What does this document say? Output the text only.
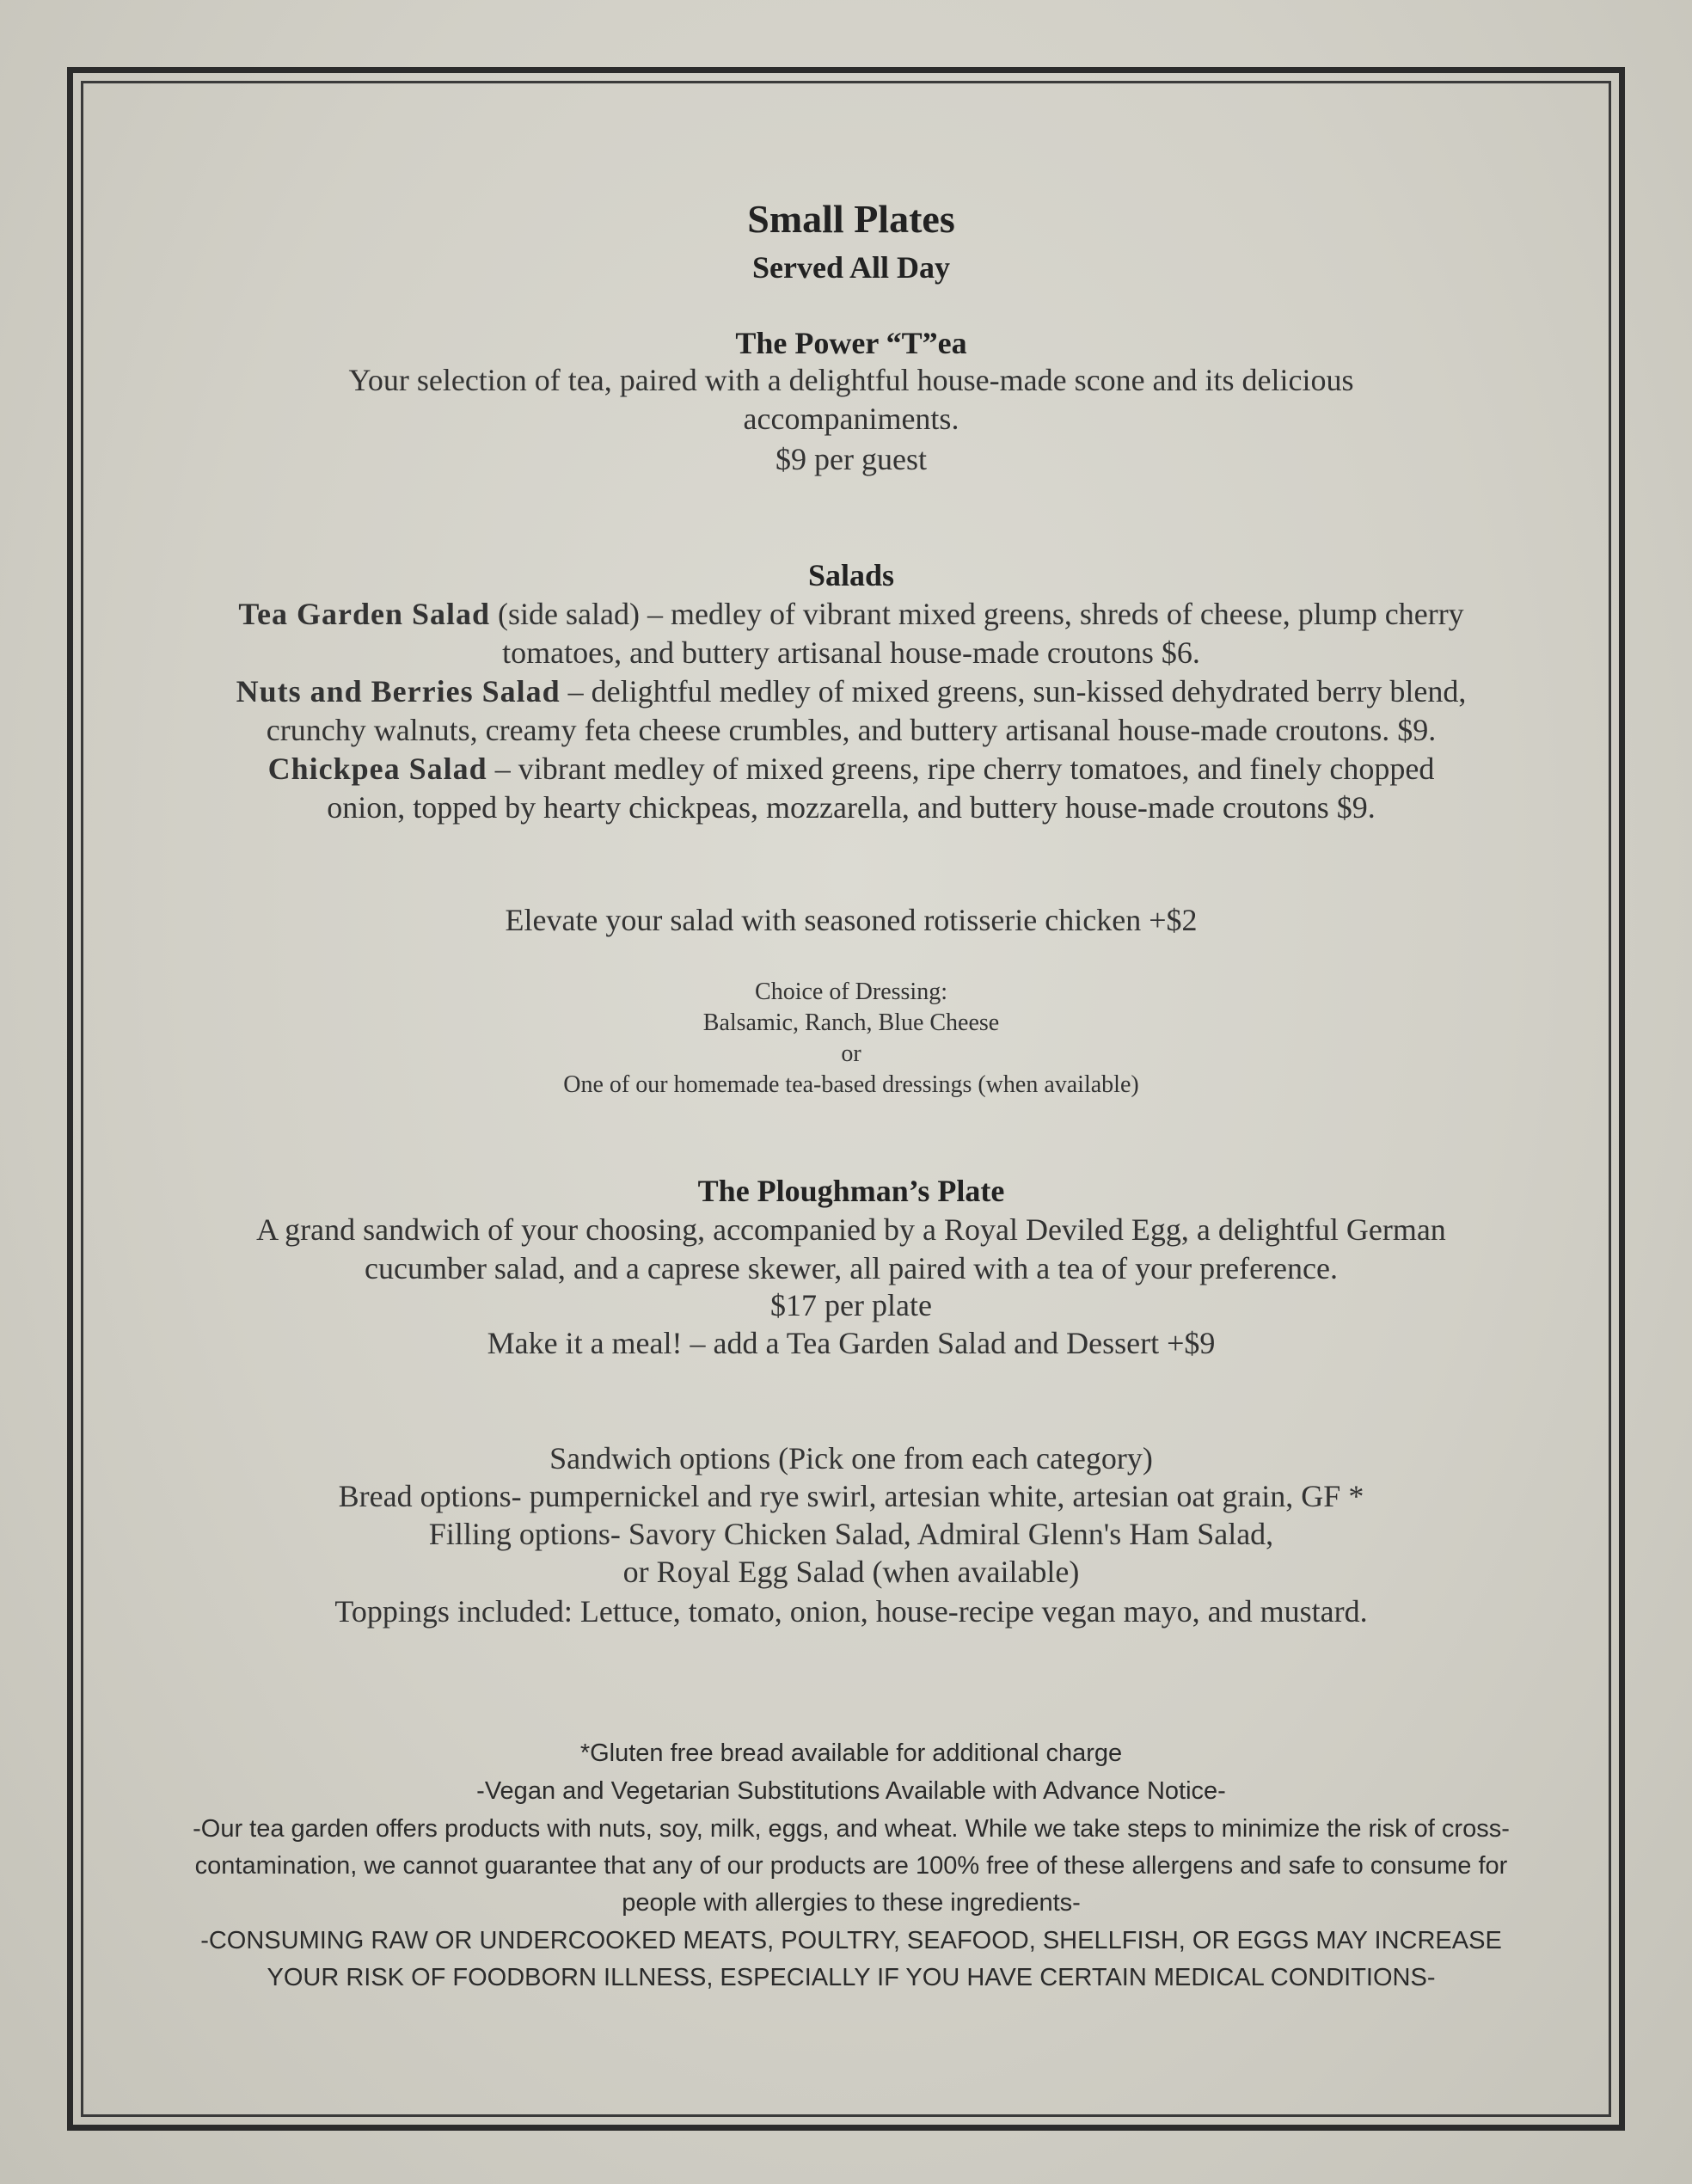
Small Plates
Served All Day
The Power “T”ea
Your selection of tea, paired with a delightful house-made scone and its delicious accompaniments.
$9 per guest
Salads
Tea Garden Salad (side salad) – medley of vibrant mixed greens, shreds of cheese, plump cherry tomatoes, and buttery artisanal house-made croutons $6.
Nuts and Berries Salad – delightful medley of mixed greens, sun-kissed dehydrated berry blend, crunchy walnuts, creamy feta cheese crumbles, and buttery artisanal house-made croutons. $9.
Chickpea Salad – vibrant medley of mixed greens, ripe cherry tomatoes, and finely chopped onion, topped by hearty chickpeas, mozzarella, and buttery house-made croutons $9.
Elevate your salad with seasoned rotisserie chicken +$2
Choice of Dressing:
Balsamic, Ranch, Blue Cheese
or
One of our homemade tea-based dressings (when available)
The Ploughman’s Plate
A grand sandwich of your choosing, accompanied by a Royal Deviled Egg, a delightful German cucumber salad, and a caprese skewer, all paired with a tea of your preference.
$17 per plate
Make it a meal! – add a Tea Garden Salad and Dessert +$9
Sandwich options (Pick one from each category)
Bread options- pumpernickel and rye swirl, artesian white, artesian oat grain, GF *
Filling options- Savory Chicken Salad, Admiral Glenn's Ham Salad,
or Royal Egg Salad (when available)
Toppings included: Lettuce, tomato, onion, house-recipe vegan mayo, and mustard.
*Gluten free bread available for additional charge
-Vegan and Vegetarian Substitutions Available with Advance Notice-
-Our tea garden offers products with nuts, soy, milk, eggs, and wheat. While we take steps to minimize the risk of cross-contamination, we cannot guarantee that any of our products are 100% free of these allergens and safe to consume for people with allergies to these ingredients-
-CONSUMING RAW OR UNDERCOOKED MEATS, POULTRY, SEAFOOD, SHELLFISH, OR EGGS MAY INCREASE YOUR RISK OF FOODBORN ILLNESS, ESPECIALLY IF YOU HAVE CERTAIN MEDICAL CONDITIONS-
